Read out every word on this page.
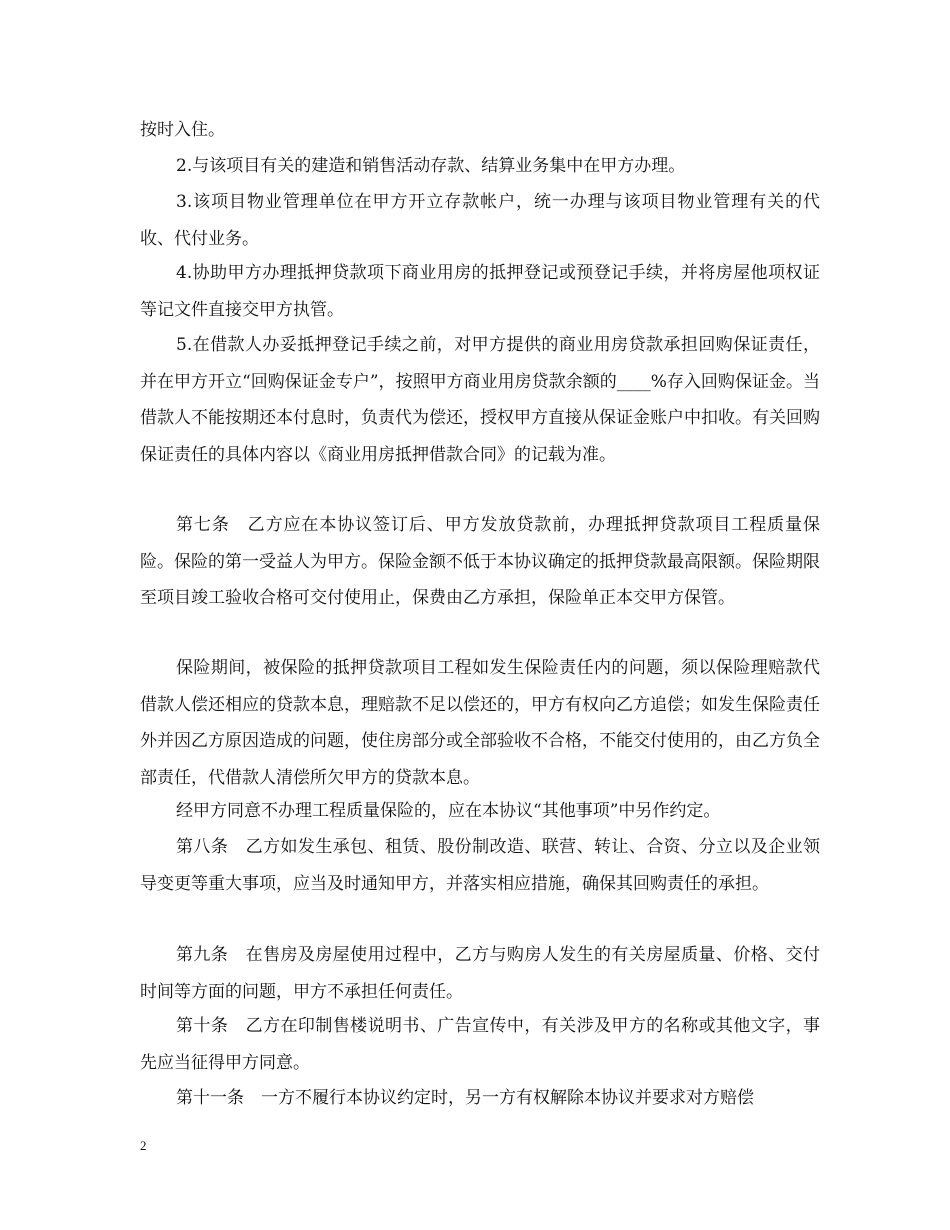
按时入住。

2.与该项目有关的建造和销售活动存款、结算业务集中在甲方办理。

3.该项目物业管理单位在甲方开立存款帐户，统一办理与该项目物业管理有关的代收、代付业务。

4.协助甲方办理抵押贷款项下商业用房的抵押登记或预登记手续，并将房屋他项权证等记文件直接交甲方执管。

5.在借款人办妥抵押登记手续之前，对甲方提供的商业用房贷款承担回购保证责任，并在甲方开立“回购保证金专户”，按照甲方商业用房贷款余额的____%存入回购保证金。当借款人不能按期还本付息时，负责代为偿还，授权甲方直接从保证金账户中扣收。有关回购保证责任的具体内容以《商业用房抵押借款合同》的记载为准。

第七条　乙方应在本协议签订后、甲方发放贷款前，办理抵押贷款项目工程质量保险。保险的第一受益人为甲方。保险金额不低于本协议确定的抵押贷款最高限额。保险期限至项目竣工验收合格可交付使用止，保费由乙方承担，保险单正本交甲方保管。

保险期间，被保险的抵押贷款项目工程如发生保险责任内的问题，须以保险理赔款代借款人偿还相应的贷款本息，理赔款不足以偿还的，甲方有权向乙方追偿；如发生保险责任外并因乙方原因造成的问题，使住房部分或全部验收不合格，不能交付使用的，由乙方负全部责任，代借款人清偿所欠甲方的贷款本息。

经甲方同意不办理工程质量保险的，应在本协议“其他事项”中另作约定。

第八条　乙方如发生承包、租赁、股份制改造、联营、转让、合资、分立以及企业领导变更等重大事项，应当及时通知甲方，并落实相应措施，确保其回购责任的承担。

第九条　在售房及房屋使用过程中，乙方与购房人发生的有关房屋质量、价格、交付时间等方面的问题，甲方不承担任何责任。

第十条　乙方在印制售楼说明书、广告宣传中，有关涉及甲方的名称或其他文字，事先应当征得甲方同意。

第十一条　一方不履行本协议约定时，另一方有权解除本协议并要求对方赔偿

2
